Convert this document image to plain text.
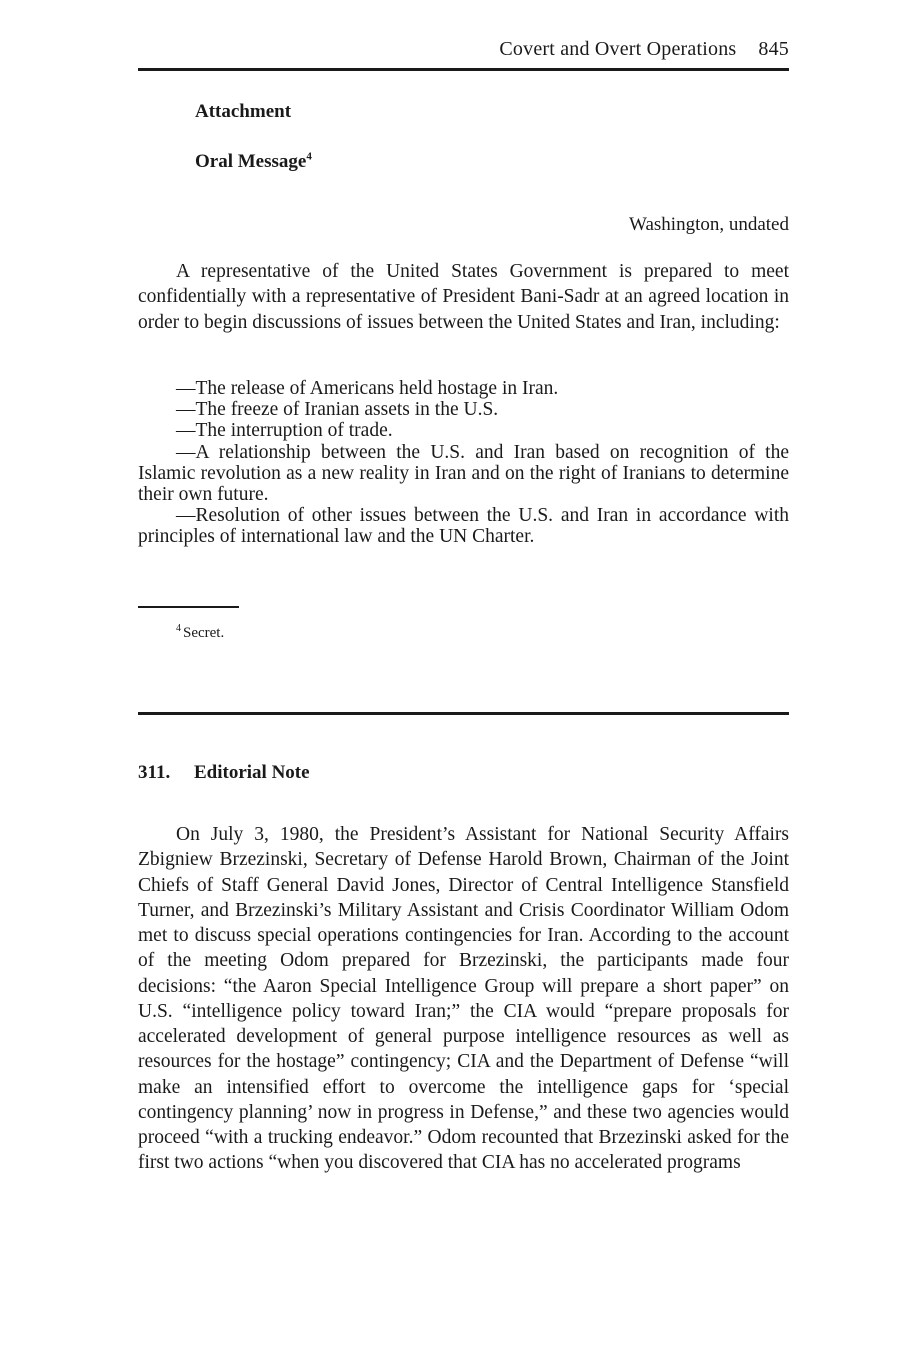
Covert and Overt Operations 845
Attachment
Oral Message$^4$
Washington, undated

A representative of the United States Government is prepared to meet confidentially with a representative of President Bani-Sadr at an agreed location in order to begin discussions of issues between the United States and Iran, including:

—The release of Americans held hostage in Iran.

—The freeze of Iranian assets in the U.S.

—The interruption of trade.

—A relationship between the U.S. and Iran based on recognition of the Islamic revolution as a new reality in Iran and on the right of Iranians to determine their own future.

—Resolution of other issues between the U.S. and Iran in accordance with principles of international law and the UN Charter.

$^4$ Secret.
311. Editorial Note

On July 3, 1980, the President’s Assistant for National Security Affairs Zbigniew Brzezinski, Secretary of Defense Harold Brown, Chairman of the Joint Chiefs of Staff General David Jones, Director of Central Intelligence Stansfield Turner, and Brzezinski’s Military Assistant and Crisis Coordinator William Odom met to discuss special operations contingencies for Iran. According to the account of the meeting Odom prepared for Brzezinski, the participants made four decisions: “the Aaron Special Intelligence Group will prepare a short paper” on U.S. “intelligence policy toward Iran;” the CIA would “prepare proposals for accelerated development of general purpose intelligence resources as well as resources for the hostage” contingency; CIA and the Department of Defense “will make an intensified effort to overcome the intelligence gaps for ‘special contingency planning’ now in progress in Defense,” and these two agencies would proceed “with a trucking endeavor.” Odom recounted that Brzezinski asked for the first two actions “when you discovered that CIA has no accelerated programs
